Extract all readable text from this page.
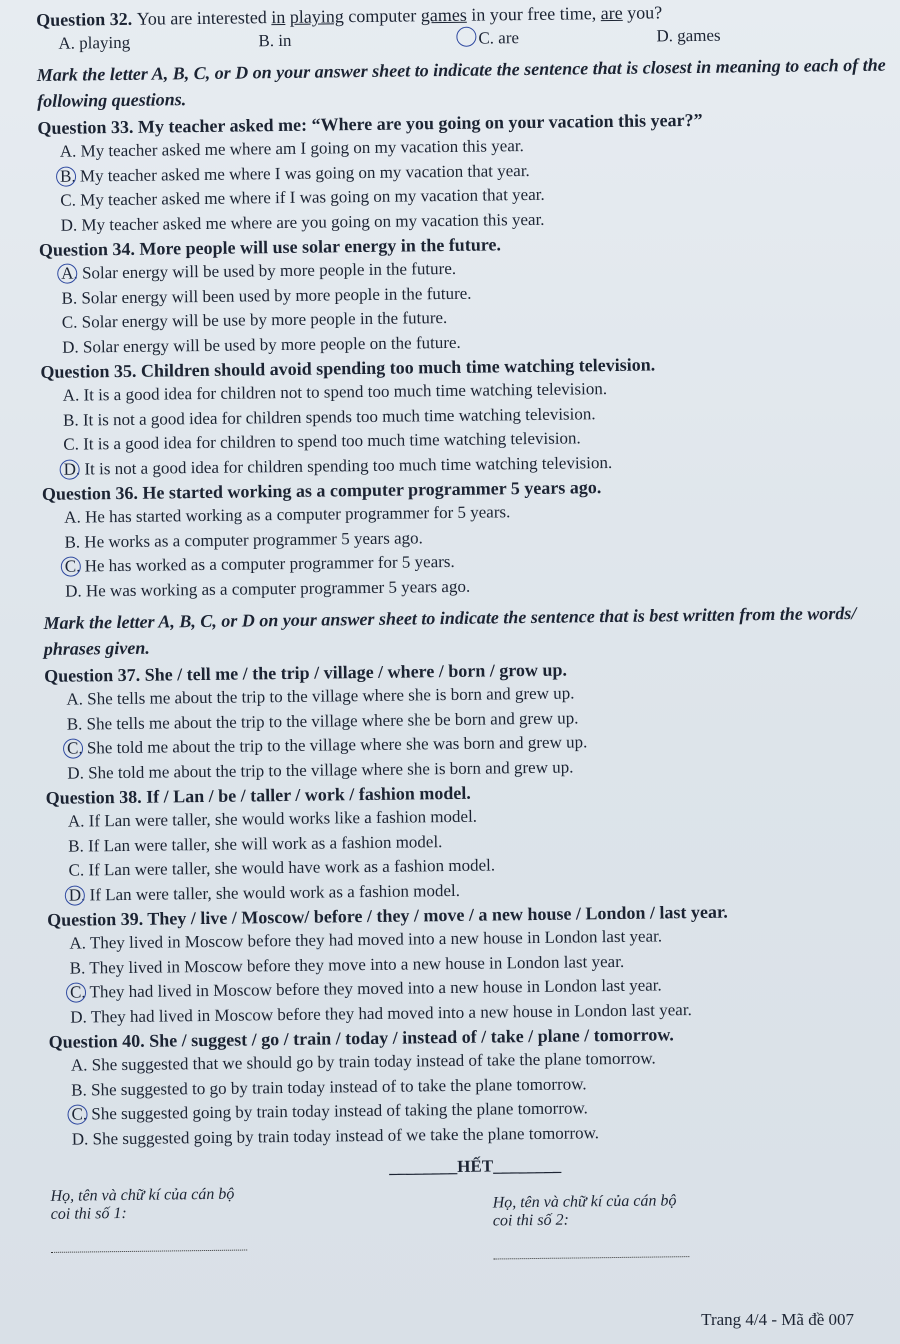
Question 32. You are interested in playing computer games in your free time, are you?
A. playing	B. in	C. are	D. games
Mark the letter A, B, C, or D on your answer sheet to indicate the sentence that is closest in meaning to each of the following questions.
Question 33. My teacher asked me: “Where are you going on your vacation this year?”
A. My teacher asked me where am I going on my vacation this year.
B. My teacher asked me where I was going on my vacation that year.
C. My teacher asked me where if I was going on my vacation that year.
D. My teacher asked me where are you going on my vacation this year.
Question 34. More people will use solar energy in the future.
A. Solar energy will be used by more people in the future.
B. Solar energy will been used by more people in the future.
C. Solar energy will be use by more people in the future.
D. Solar energy will be used by more people on the future.
Question 35. Children should avoid spending too much time watching television.
A. It is a good idea for children not to spend too much time watching television.
B. It is not a good idea for children spends too much time watching television.
C. It is a good idea for children to spend too much time watching television.
D. It is not a good idea for children spending too much time watching television.
Question 36. He started working as a computer programmer 5 years ago.
A. He has started working as a computer programmer for 5 years.
B. He works as a computer programmer 5 years ago.
C. He has worked as a computer programmer for 5 years.
D. He was working as a computer programmer 5 years ago.
Mark the letter A, B, C, or D on your answer sheet to indicate the sentence that is best written from the words/ phrases given.
Question 37. She / tell me / the trip / village / where / born / grow up.
A. She tells me about the trip to the village where she is born and grew up.
B. She tells me about the trip to the village where she be born and grew up.
C. She told me about the trip to the village where she was born and grew up.
D. She told me about the trip to the village where she is born and grew up.
Question 38. If / Lan / be / taller / work / fashion model.
A. If Lan were taller, she would works like a fashion model.
B. If Lan were taller, she will work as a fashion model.
C. If Lan were taller, she would have work as a fashion model.
D. If Lan were taller, she would work as a fashion model.
Question 39. They / live / Moscow/ before / they / move / a new house / London / last year.
A. They lived in Moscow before they had moved into a new house in London last year.
B. They lived in Moscow before they move into a new house in London last year.
C. They had lived in Moscow before they moved into a new house in London last year.
D. They had lived in Moscow before they had moved into a new house in London last year.
Question 40. She / suggest / go / train / today / instead of / take / plane / tomorrow.
A. She suggested that we should go by train today instead of take the plane tomorrow.
B. She suggested to go by train today instead of to take the plane tomorrow.
C. She suggested going by train today instead of taking the plane tomorrow.
D. She suggested going by train today instead of we take the plane tomorrow.
________HẾT________
Họ, tên và chữ kí của cán bộ coi thi số 1:
Họ, tên và chữ kí của cán bộ coi thi số 2:
Trang 4/4 - Mã đề 007
